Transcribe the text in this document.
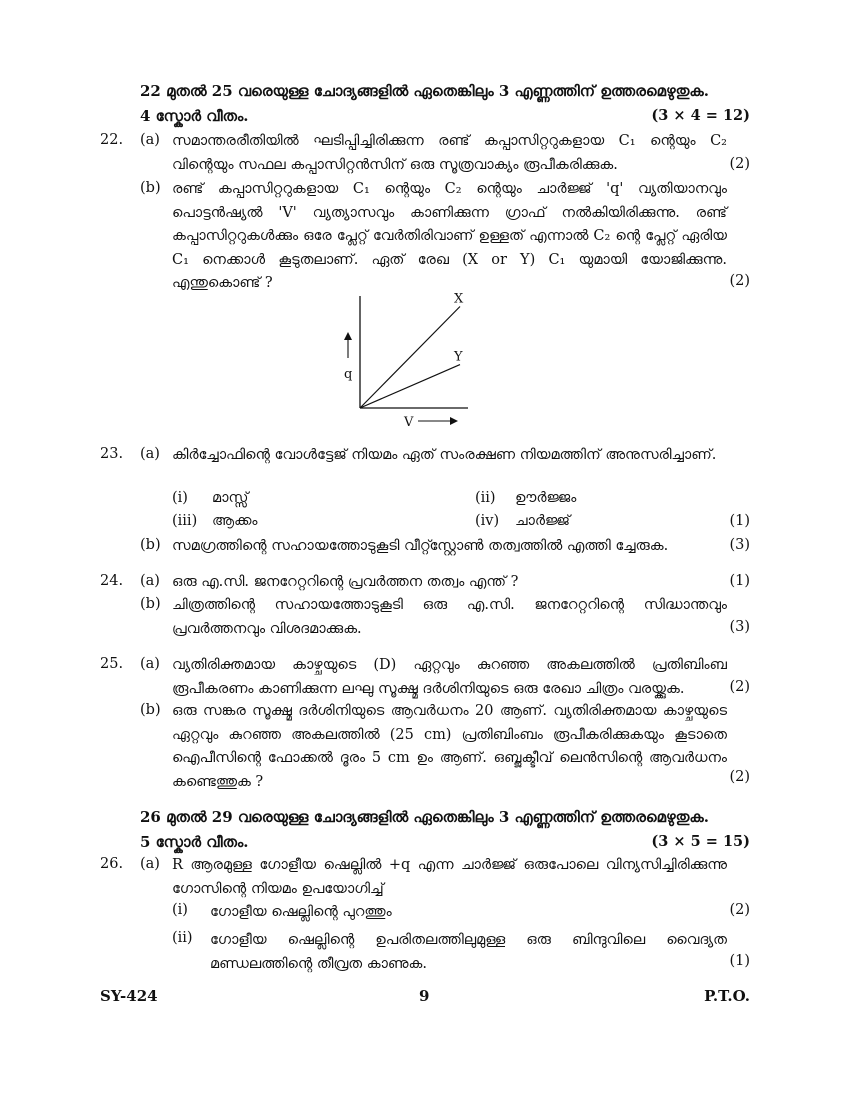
22 മുതൽ 25 വരെയുള്ള ചോദ്യങ്ങളിൽ ഏതെങ്കിലും 3 എണ്ണത്തിന് ഉത്തരമെഴുതുക.
4 സ്കോർ വീതം.	(3 × 4 = 12)
22. (a) സമാന്തരരീതിയിൽ ഘടിപ്പിച്ചിരിക്കുന്ന രണ്ട് കപ്പാസിറ്ററുകളായ C₁ ന്റെയും C₂ വിന്റെയും സഫല കപ്പാസിറ്റൻസിന് ഒരു സൂത്രവാക്യം രൂപീകരിക്കുക.	(2)
(b) രണ്ട് കപ്പാസിറ്ററുകളായ C₁ ന്റെയും C₂ ന്റെയും ചാർജ്ജ് 'q' വ്യതിയാനവും പൊട്ടൻഷ്യൽ 'V' വ്യത്യാസവും കാണിക്കുന്ന ഗ്രാഫ് നൽകിയിരിക്കുന്നു. രണ്ട് കപ്പാസിറ്ററുകൾക്കും ഒരേ പ്ലേറ്റ് വേർതിരിവാണ് ഉള്ളത് എന്നാൽ C₂ ന്റെ പ്ലേറ്റ് ഏരിയ C₁ നെക്കാൾ കൂടുതലാണ്. ഏത് രേഖ (X or Y) C₁ യുമായി യോജിക്കുന്നു. എന്തുകൊണ്ട് ?	(2)
X
Y
q
V
23. (a) കിർച്ചോഫിന്റെ വോൾട്ടേജ് നിയമം ഏത് സംരക്ഷണ നിയമത്തിന് അനുസരിച്ചാണ്.
(i) മാസ്സ്	(ii) ഊർജ്ജം
(iii) ആക്കം	(iv) ചാർജ്ജ്	(1)
(b) സമഗ്രത്തിന്റെ സഹായത്തോടുകൂടി വീറ്റ്സ്റ്റോൺ തത്വത്തിൽ എത്തി ച്ചേരുക.	(3)
24. (a) ഒരു എ.സി. ജനറേറ്ററിന്റെ പ്രവർത്തന തത്വം എന്ത് ?	(1)
(b) ചിത്രത്തിന്റെ സഹായത്തോടുകൂടി ഒരു എ.സി. ജനറേറ്ററിന്റെ സിദ്ധാന്തവും പ്രവർത്തനവും വിശദമാക്കുക.	(3)
25. (a) വ്യതിരിക്തമായ കാഴ്ചയുടെ (D) ഏറ്റവും കുറഞ്ഞ അകലത്തിൽ പ്രതിബിംബ രൂപീകരണം കാണിക്കുന്ന ലഘു സൂക്ഷ്മ ദർശിനിയുടെ ഒരു രേഖാ ചിത്രം വരയ്ക്കുക.	(2)
(b) ഒരു സങ്കര സൂക്ഷ്മ ദർശിനിയുടെ ആവർധനം 20 ആണ്. വ്യതിരിക്തമായ കാഴ്ചയുടെ ഏറ്റവും കുറഞ്ഞ അകലത്തിൽ (25 cm) പ്രതിബിംബം രൂപീകരിക്കുകയും കൂടാതെ ഐപീസിന്റെ ഫോക്കൽ ദൂരം 5 cm ഉം ആണ്. ഒബ്ജക്ടീവ് ലെൻസിന്റെ ആവർധനം കണ്ടെത്തുക ?	(2)
26 മുതൽ 29 വരെയുള്ള ചോദ്യങ്ങളിൽ ഏതെങ്കിലും 3 എണ്ണത്തിന് ഉത്തരമെഴുതുക.
5 സ്കോർ വീതം.	(3 × 5 = 15)
26. (a) R ആരമുള്ള ഗോളീയ ഷെല്ലിൽ +q എന്ന ചാർജ്ജ് ഒരുപോലെ വിന്യസിച്ചിരിക്കുന്നു ഗോസിന്റെ നിയമം ഉപയോഗിച്ച്
(i) ഗോളീയ ഷെല്ലിന്റെ പുറത്തും	(2)
(ii) ഗോളീയ ഷെല്ലിന്റെ ഉപരിതലത്തിലുമുള്ള ഒരു ബിന്ദുവിലെ വൈദ്യത മണ്ഡലത്തിന്റെ തീവ്രത കാണുക.	(1)
SY-424	9	P.T.O.
